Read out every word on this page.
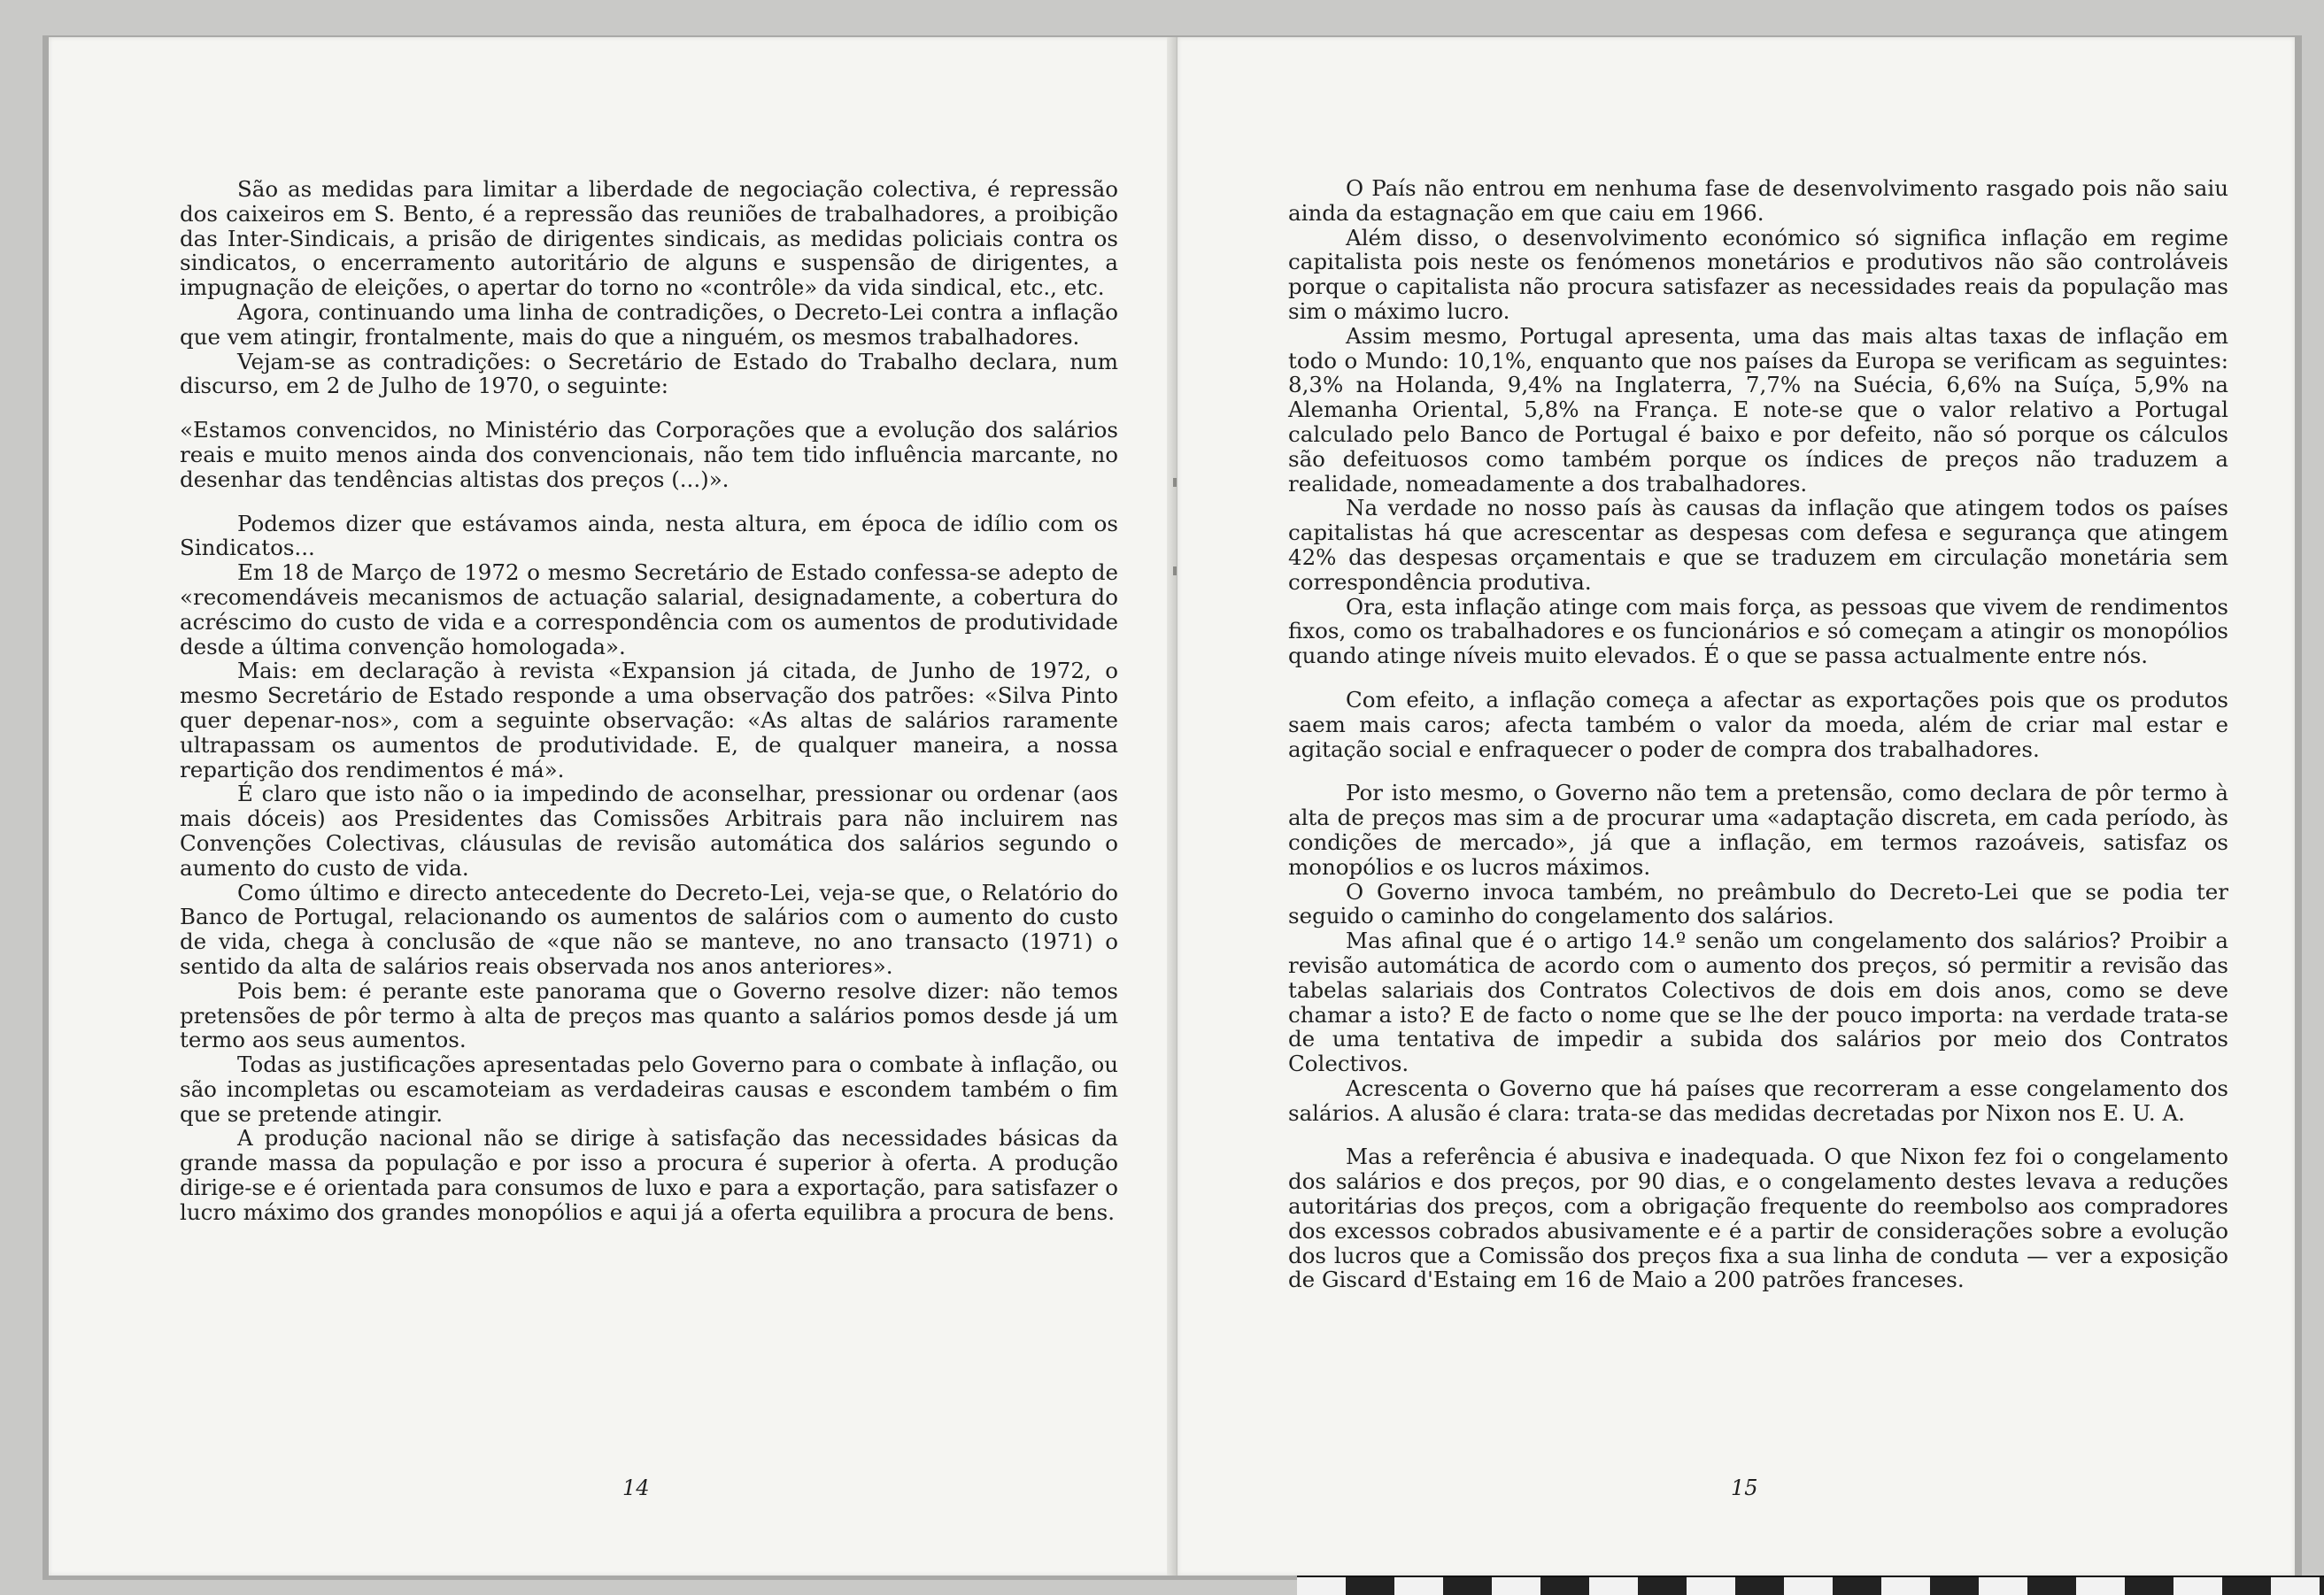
São as medidas para limitar a liberdade de negociação colectiva, é repressão dos caixeiros em S. Bento, é a repressão das reuniões de trabalhadores, a proibição das Inter-Sindicais, a prisão de dirigentes sindicais, as medidas policiais contra os sindicatos, o encerramento autoritário de alguns e suspensão de dirigentes, a impugnação de eleições, o apertar do torno no «contrôle» da vida sindical, etc., etc.

Agora, continuando uma linha de contradições, o Decreto-Lei contra a inflação que vem atingir, frontalmente, mais do que a ninguém, os mesmos trabalhadores.

Vejam-se as contradições: o Secretário de Estado do Trabalho declara, num discurso, em 2 de Julho de 1970, o seguinte:

«Estamos convencidos, no Ministério das Corporações que a evolução dos salários reais e muito menos ainda dos convencionais, não tem tido influência marcante, no desenhar das tendências altistas dos preços (...)».

Podemos dizer que estávamos ainda, nesta altura, em época de idílio com os Sindicatos...

Em 18 de Março de 1972 o mesmo Secretário de Estado confessa-se adepto de «recomendáveis mecanismos de actuação salarial, designadamente, a cobertura do acréscimo do custo de vida e a correspondência com os aumentos de produtividade desde a última convenção homologada».

Mais: em declaração à revista «Expansion já citada, de Junho de 1972, o mesmo Secretário de Estado responde a uma observação dos patrões: «Silva Pinto quer depenar-nos», com a seguinte observação: «As altas de salários raramente ultrapassam os aumentos de produtividade. E, de qualquer maneira, a nossa repartição dos rendimentos é má».

É claro que isto não o ia impedindo de aconselhar, pressionar ou ordenar (aos mais dóceis) aos Presidentes das Comissões Arbitrais para não incluirem nas Convenções Colectivas, cláusulas de revisão automática dos salários segundo o aumento do custo de vida.

Como último e directo antecedente do Decreto-Lei, veja-se que, o Relatório do Banco de Portugal, relacionando os aumentos de salários com o aumento do custo de vida, chega à conclusão de «que não se manteve, no ano transacto (1971) o sentido da alta de salários reais observada nos anos anteriores».

Pois bem: é perante este panorama que o Governo resolve dizer: não temos pretensões de pôr termo à alta de preços mas quanto a salários pomos desde já um termo aos seus aumentos.

Todas as justificações apresentadas pelo Governo para o combate à inflação, ou são incompletas ou escamoteiam as verdadeiras causas e escondem também o fim que se pretende atingir.

A produção nacional não se dirige à satisfação das necessidades básicas da grande massa da população e por isso a procura é superior à oferta. A produção dirige-se e é orientada para consumos de luxo e para a exportação, para satisfazer o lucro máximo dos grandes monopólios e aqui já a oferta equilibra a procura de bens.

14

O País não entrou em nenhuma fase de desenvolvimento rasgado pois não saiu ainda da estagnação em que caiu em 1966.

Além disso, o desenvolvimento económico só significa inflação em regime capitalista pois neste os fenómenos monetários e produtivos não são controláveis porque o capitalista não procura satisfazer as necessidades reais da população mas sim o máximo lucro.

Assim mesmo, Portugal apresenta, uma das mais altas taxas de inflação em todo o Mundo: 10,1%, enquanto que nos países da Europa se verificam as seguintes: 8,3% na Holanda, 9,4% na Inglaterra, 7,7% na Suécia, 6,6% na Suíça, 5,9% na Alemanha Oriental, 5,8% na França. E note-se que o valor relativo a Portugal calculado pelo Banco de Portugal é baixo e por defeito, não só porque os cálculos são defeituosos como também porque os índices de preços não traduzem a realidade, nomeadamente a dos trabalhadores.

Na verdade no nosso país às causas da inflação que atingem todos os países capitalistas há que acrescentar as despesas com defesa e segurança que atingem 42% das despesas orçamentais e que se traduzem em circulação monetária sem correspondência produtiva.

Ora, esta inflação atinge com mais força, as pessoas que vivem de rendimentos fixos, como os trabalhadores e os funcionários e só começam a atingir os monopólios quando atinge níveis muito elevados. É o que se passa actualmente entre nós.

Com efeito, a inflação começa a afectar as exportações pois que os produtos saem mais caros; afecta também o valor da moeda, além de criar mal estar e agitação social e enfraquecer o poder de compra dos trabalhadores.

Por isto mesmo, o Governo não tem a pretensão, como declara de pôr termo à alta de preços mas sim a de procurar uma «adaptação discreta, em cada período, às condições de mercado», já que a inflação, em termos razoáveis, satisfaz os monopólios e os lucros máximos.

O Governo invoca também, no preâmbulo do Decreto-Lei que se podia ter seguido o caminho do congelamento dos salários.

Mas afinal que é o artigo 14.º senão um congelamento dos salários? Proibir a revisão automática de acordo com o aumento dos preços, só permitir a revisão das tabelas salariais dos Contratos Colectivos de dois em dois anos, como se deve chamar a isto? E de facto o nome que se lhe der pouco importa: na verdade trata-se de uma tentativa de impedir a subida dos salários por meio dos Contratos Colectivos.

Acrescenta o Governo que há países que recorreram a esse congelamento dos salários. A alusão é clara: trata-se das medidas decretadas por Nixon nos E. U. A.

Mas a referência é abusiva e inadequada. O que Nixon fez foi o congelamento dos salários e dos preços, por 90 dias, e o congelamento destes levava a reduções autoritárias dos preços, com a obrigação frequente do reembolso aos compradores dos excessos cobrados abusivamente e é a partir de considerações sobre a evolução dos lucros que a Comissão dos preços fixa a sua linha de conduta — ver a exposição de Giscard d'Estaing em 16 de Maio a 200 patrões franceses.

15
